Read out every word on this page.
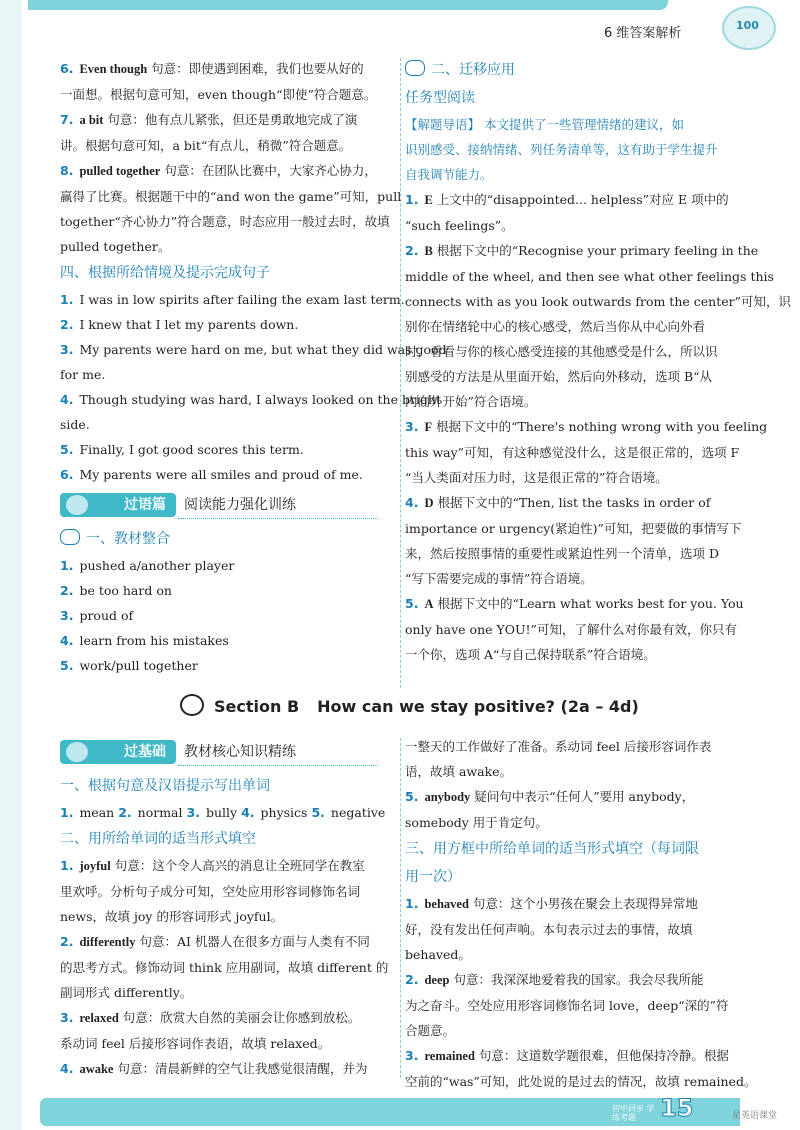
6 维答案解析
100
6. Even though 句意：即使遇到困难，我们也要从好的
一面想。根据句意可知，even though“即使”符合题意。
7. a bit 句意：他有点儿紧张，但还是勇敢地完成了演
讲。根据句意可知，a bit“有点儿，稍微”符合题意。
8. pulled together 句意：在团队比赛中，大家齐心协力，
赢得了比赛。根据题干中的“and won the game”可知，pull
together“齐心协力”符合题意，时态应用一般过去时，故填
pulled together。
四、根据所给情境及提示完成句子
1. I was in low spirits after failing the exam last term.
2. I knew that I let my parents down.
3. My parents were hard on me, but what they did was good
for me.
4. Though studying was hard, I always looked on the bright
side.
5. Finally, I got good scores this term.
6. My parents were all smiles and proud of me.
过语篇	阅读能力强化训练
一、教材整合
1. pushed a/another player
2. be too hard on
3. proud of
4. learn from his mistakes
5. work/pull together
二、迁移应用
任务型阅读
【解题导语】 本文提供了一些管理情绪的建议，如
识别感受、接纳情绪、列任务清单等，这有助于学生提升
自我调节能力。
1. E 上文中的“disappointed... helpless”对应 E 项中的
“such feelings”。
2. B 根据下文中的“Recognise your primary feeling in the
middle of the wheel, and then see what other feelings this
connects with as you look outwards from the center”可知，识
别你在情绪轮中心的核心感受，然后当你从中心向外看
时，看看与你的核心感受连接的其他感受是什么，所以识
别感受的方法是从里面开始，然后向外移动，选项 B“从
内向外开始”符合语境。
3. F 根据下文中的“There's nothing wrong with you feeling
this way”可知，有这种感觉没什么，这是很正常的，选项 F
“当人类面对压力时，这是很正常的”符合语境。
4. D 根据下文中的“Then, list the tasks in order of
importance or urgency(紧迫性)”可知，把要做的事情写下
来，然后按照事情的重要性或紧迫性列一个清单，选项 D
“写下需要完成的事情”符合语境。
5. A 根据下文中的“Learn what works best for you. You
only have one YOU!”可知，了解什么对你最有效，你只有
一个你，选项 A“与自己保持联系”符合语境。
Section B How can we stay positive? (2a – 4d)
过基础	教材核心知识精练
一、根据句意及汉语提示写出单词
1. mean 2. normal 3. bully 4. physics 5. negative
二、用所给单词的适当形式填空
1. joyful 句意：这个令人高兴的消息让全班同学在教室
里欢呼。分析句子成分可知，空处应用形容词修饰名词
news，故填 joy 的形容词形式 joyful。
2. differently 句意：AI 机器人在很多方面与人类有不同
的思考方式。修饰动词 think 应用副词，故填 different 的
副词形式 differently。
3. relaxed 句意：欣赏大自然的美丽会让你感到放松。
系动词 feel 后接形容词作表语，故填 relaxed。
4. awake 句意：清晨新鲜的空气让我感觉很清醒，并为
一整天的工作做好了准备。系动词 feel 后接形容词作表
语，故填 awake。
5. anybody 疑问句中表示“任何人”要用 anybody，
somebody 用于肯定句。
三、用方框中所给单词的适当形式填空（每词限
用一次）
1. behaved 句意：这个小男孩在聚会上表现得异常地
好，没有发出任何声响。本句表示过去的事情，故填
behaved。
2. deep 句意：我深深地爱着我的国家。我会尽我所能
为之奋斗。空处应用形容词修饰名词 love，deep“深的”符
合题意。
3. remained 句意：这道数学题很难，但他保持冷静。根据
空前的“was”可知，此处说的是过去的情况，故填 remained。
初中同步 学练考题	15	星英语课堂
